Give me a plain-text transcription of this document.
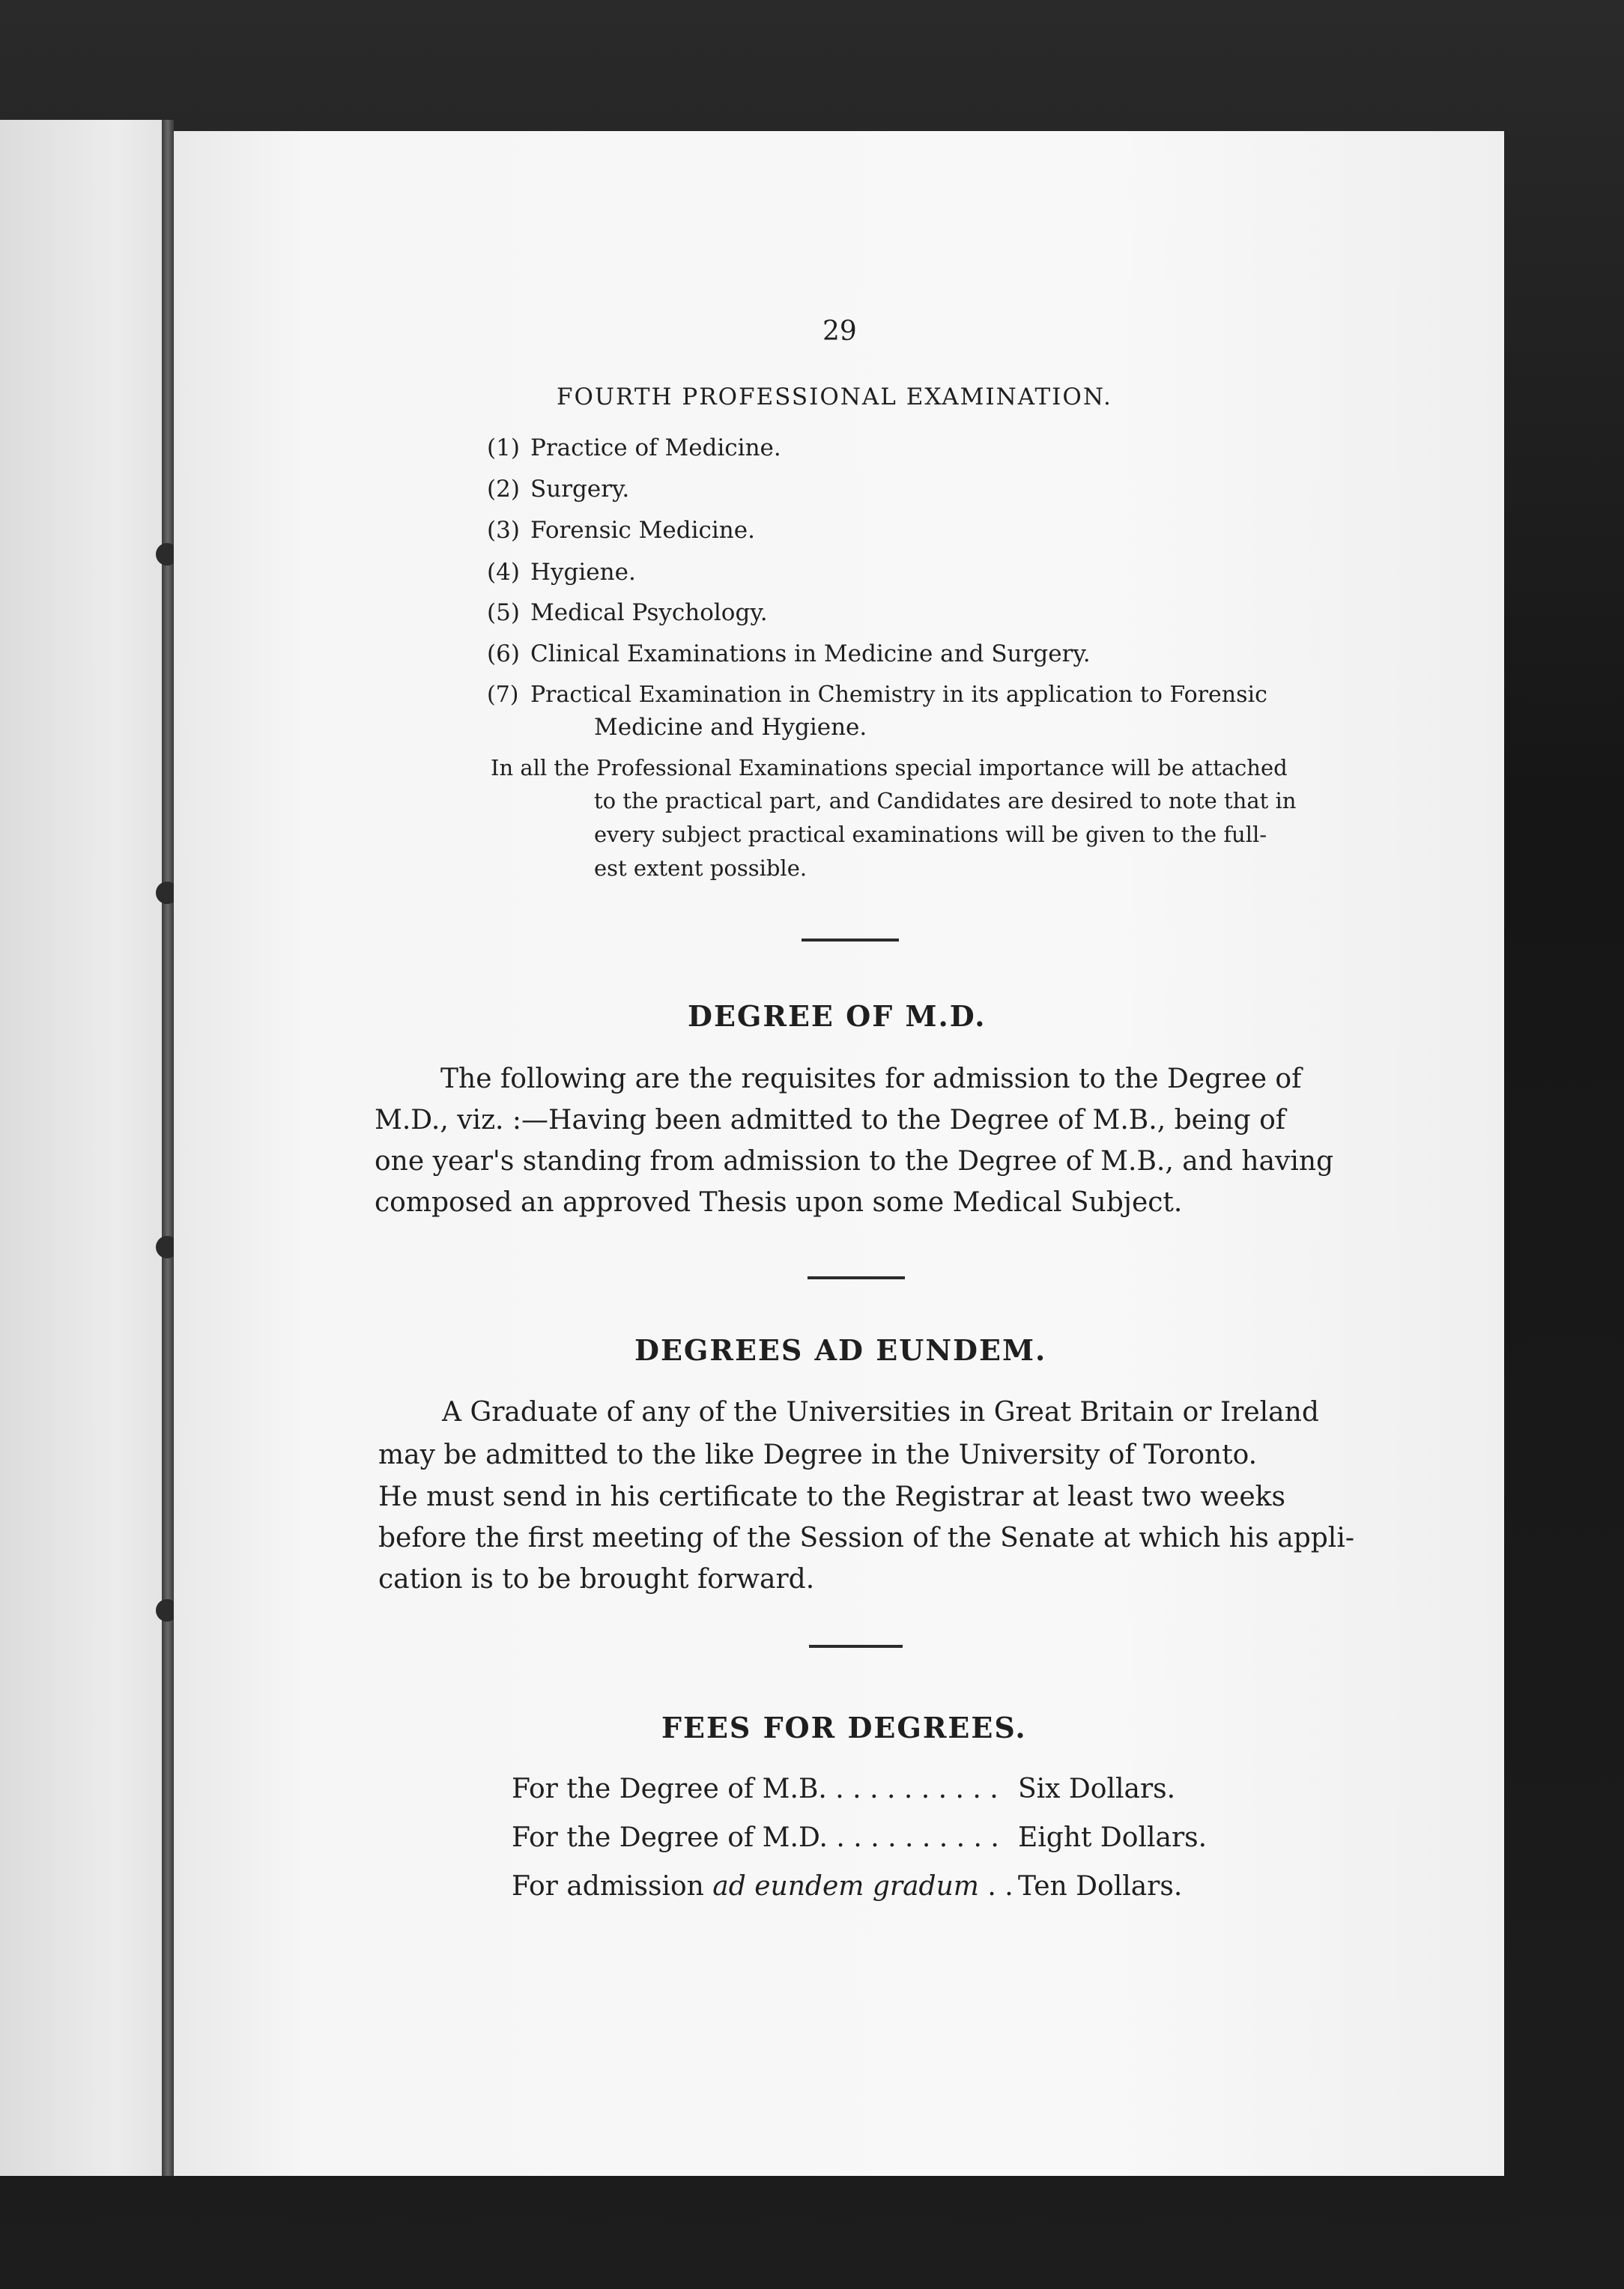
29
FOURTH PROFESSIONAL EXAMINATION.
(1) Practice of Medicine.
(2) Surgery.
(3) Forensic Medicine.
(4) Hygiene.
(5) Medical Psychology.
(6) Clinical Examinations in Medicine and Surgery.
(7) Practical Examination in Chemistry in its application to Forensic
Medicine and Hygiene.
In all the Professional Examinations special importance will be attached
to the practical part, and Candidates are desired to note that in
every subject practical examinations will be given to the full-
est extent possible.
DEGREE OF M.D.
The following are the requisites for admission to the Degree of
M.D., viz. :—Having been admitted to the Degree of M.B., being of
one year's standing from admission to the Degree of M.B., and having
composed an approved Thesis upon some Medical Subject.
DEGREES AD EUNDEM.
A Graduate of any of the Universities in Great Britain or Ireland
may be admitted to the like Degree in the University of Toronto.
He must send in his certificate to the Registrar at least two weeks
before the first meeting of the Session of the Senate at which his appli-
cation is to be brought forward.
FEES FOR DEGREES.
For the Degree of M.B. . . . . . . . . . . Six Dollars.
For the Degree of M.D. . . . . . . . . . . Eight Dollars.
For admission ad eundem gradum . . Ten Dollars.
